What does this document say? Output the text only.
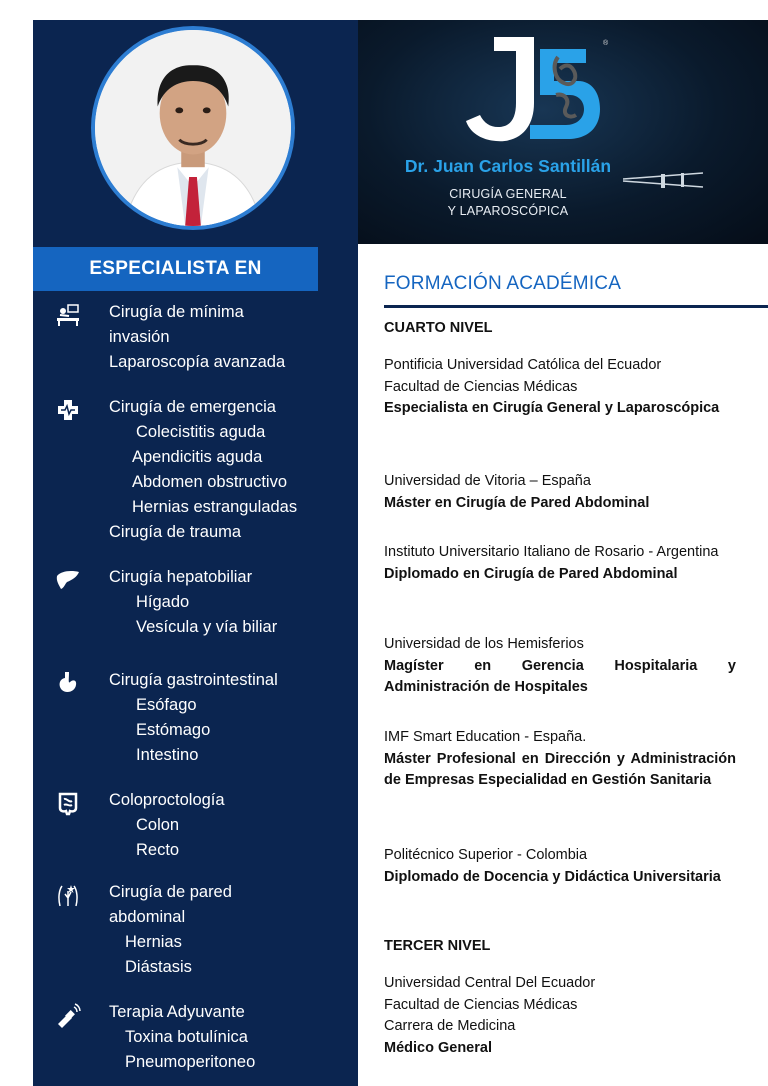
ESPECIALISTA EN
Cirugía de mínima
invasión
Laparoscopía avanzada
Cirugía de emergencia
Colecistitis aguda
Apendicitis aguda
Abdomen obstructivo
Hernias estranguladas
Cirugía de trauma
Cirugía hepatobiliar
Hígado
Vesícula y vía biliar
Cirugía gastrointestinal
Esófago
Estómago
Intestino
Coloproctología
Colon
Recto
Cirugía de pared
abdominal
Hernias
Diástasis
Terapia Adyuvante
Toxina botulínica
Pneumoperitoneo
®
Dr. Juan Carlos Santillán
CIRUGÍA GENERAL
Y LAPAROSCÓPICA
FORMACIÓN ACADÉMICA
CUARTO NIVEL
Pontificia Universidad Católica del Ecuador
Facultad de Ciencias Médicas
Especialista en Cirugía General y Laparoscópica
Universidad de Vitoria – España
Máster en Cirugía de Pared Abdominal
Instituto Universitario Italiano de Rosario - Argentina
Diplomado en Cirugía de Pared Abdominal
Universidad de los Hemisferios
Magíster en Gerencia Hospitalaria y Administración de Hospitales
IMF Smart Education - España.
Máster Profesional en Dirección y Administración de Empresas Especialidad en Gestión Sanitaria
Politécnico Superior - Colombia
Diplomado de Docencia y Didáctica Universitaria
TERCER NIVEL
Universidad Central Del Ecuador
Facultad de Ciencias Médicas
Carrera de Medicina
Médico General
